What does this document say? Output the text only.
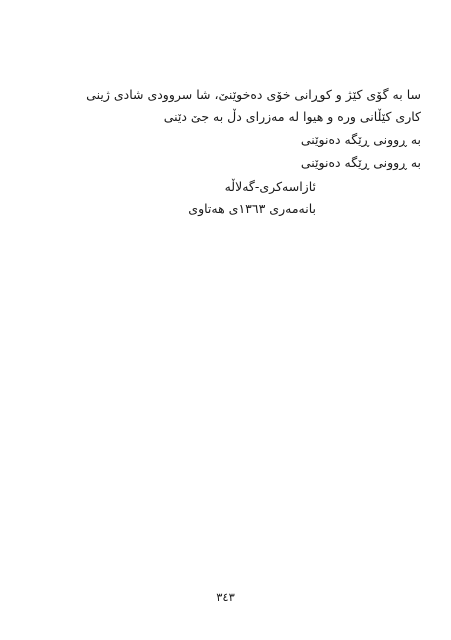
سا بە گۆی کێژ و کوڕانی خۆی دەخوێنێ، شا سروودی شادی ژینی
کاری کێڵانی ورە و هیوا لە مەزرای دڵ بە جێ دێنی
بە ڕوونی ڕێگە دەنوێنی
بە ڕوونی ڕێگە دەنوێنی
ئازاسەکری-گەلاڵە
بانەمەری ١٣٦٣ی هەتاوی
٣٤٣
